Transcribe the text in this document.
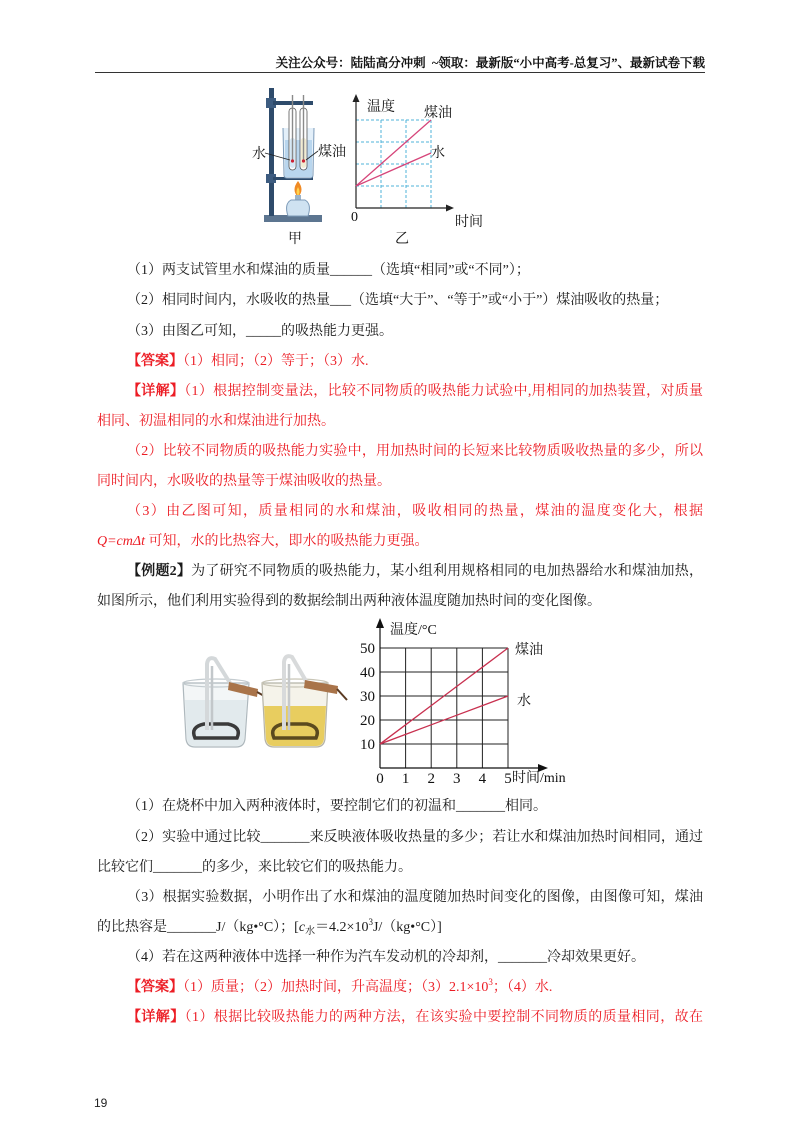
关注公众号：陆陆高分冲刺  ~领取：最新版“小中高考-总复习”、最新试卷下载
水	煤油
甲
温度 煤油
水
0	时间
乙
（1）两支试管里水和煤油的质量______（选填“相同”或“不同”）；
（2）相同时间内，水吸收的热量___（选填“大于”、“等于”或“小于”）煤油吸收的热量；
（3）由图乙可知，_____的吸热能力更强。
【答案】（1）相同；（2）等于；（3）水.
【详解】（1）根据控制变量法，比较不同物质的吸热能力试验中,用相同的加热装置，对质量
相同、初温相同的水和煤油进行加热。
（2）比较不同物质的吸热能力实验中，用加热时间的长短来比较物质吸收热量的多少，所以
同时间内，水吸收的热量等于煤油吸收的热量。
（3）由乙图可知，质量相同的水和煤油，吸收相同的热量，煤油的温度变化大，根据
Q=cmΔt 可知，水的比热容大，即水的吸热能力更强。
【例题2】为了研究不同物质的吸热能力，某小组利用规格相同的电加热器给水和煤油加热，
如图所示，他们利用实验得到的数据绘制出两种液体温度随加热时间的变化图像。
温度/°C
时间/min
10
20
30
40
50
0 1 2 3 4 5
煤油
水
（1）在烧杯中加入两种液体时，要控制它们的初温和_______相同。
（2）实验中通过比较_______来反映液体吸收热量的多少；若让水和煤油加热时间相同，通过
比较它们_______的多少，来比较它们的吸热能力。
（3）根据实验数据，小明作出了水和煤油的温度随加热时间变化的图像，由图像可知，煤油
的比热容是_______J/（kg•°C）；$[c_水=4.2\times 10^3J/(kg•^\circ C)]$
（4）若在这两种液体中选择一种作为汽车发动机的冷却剂，_______冷却效果更好。
【答案】（1）质量；（2）加热时间，升高温度；$(3)2.1\times 10^3$；（4）水.
【详解】（1）根据比较吸热能力的两种方法，在该实验中要控制不同物质的质量相同，故在
19
